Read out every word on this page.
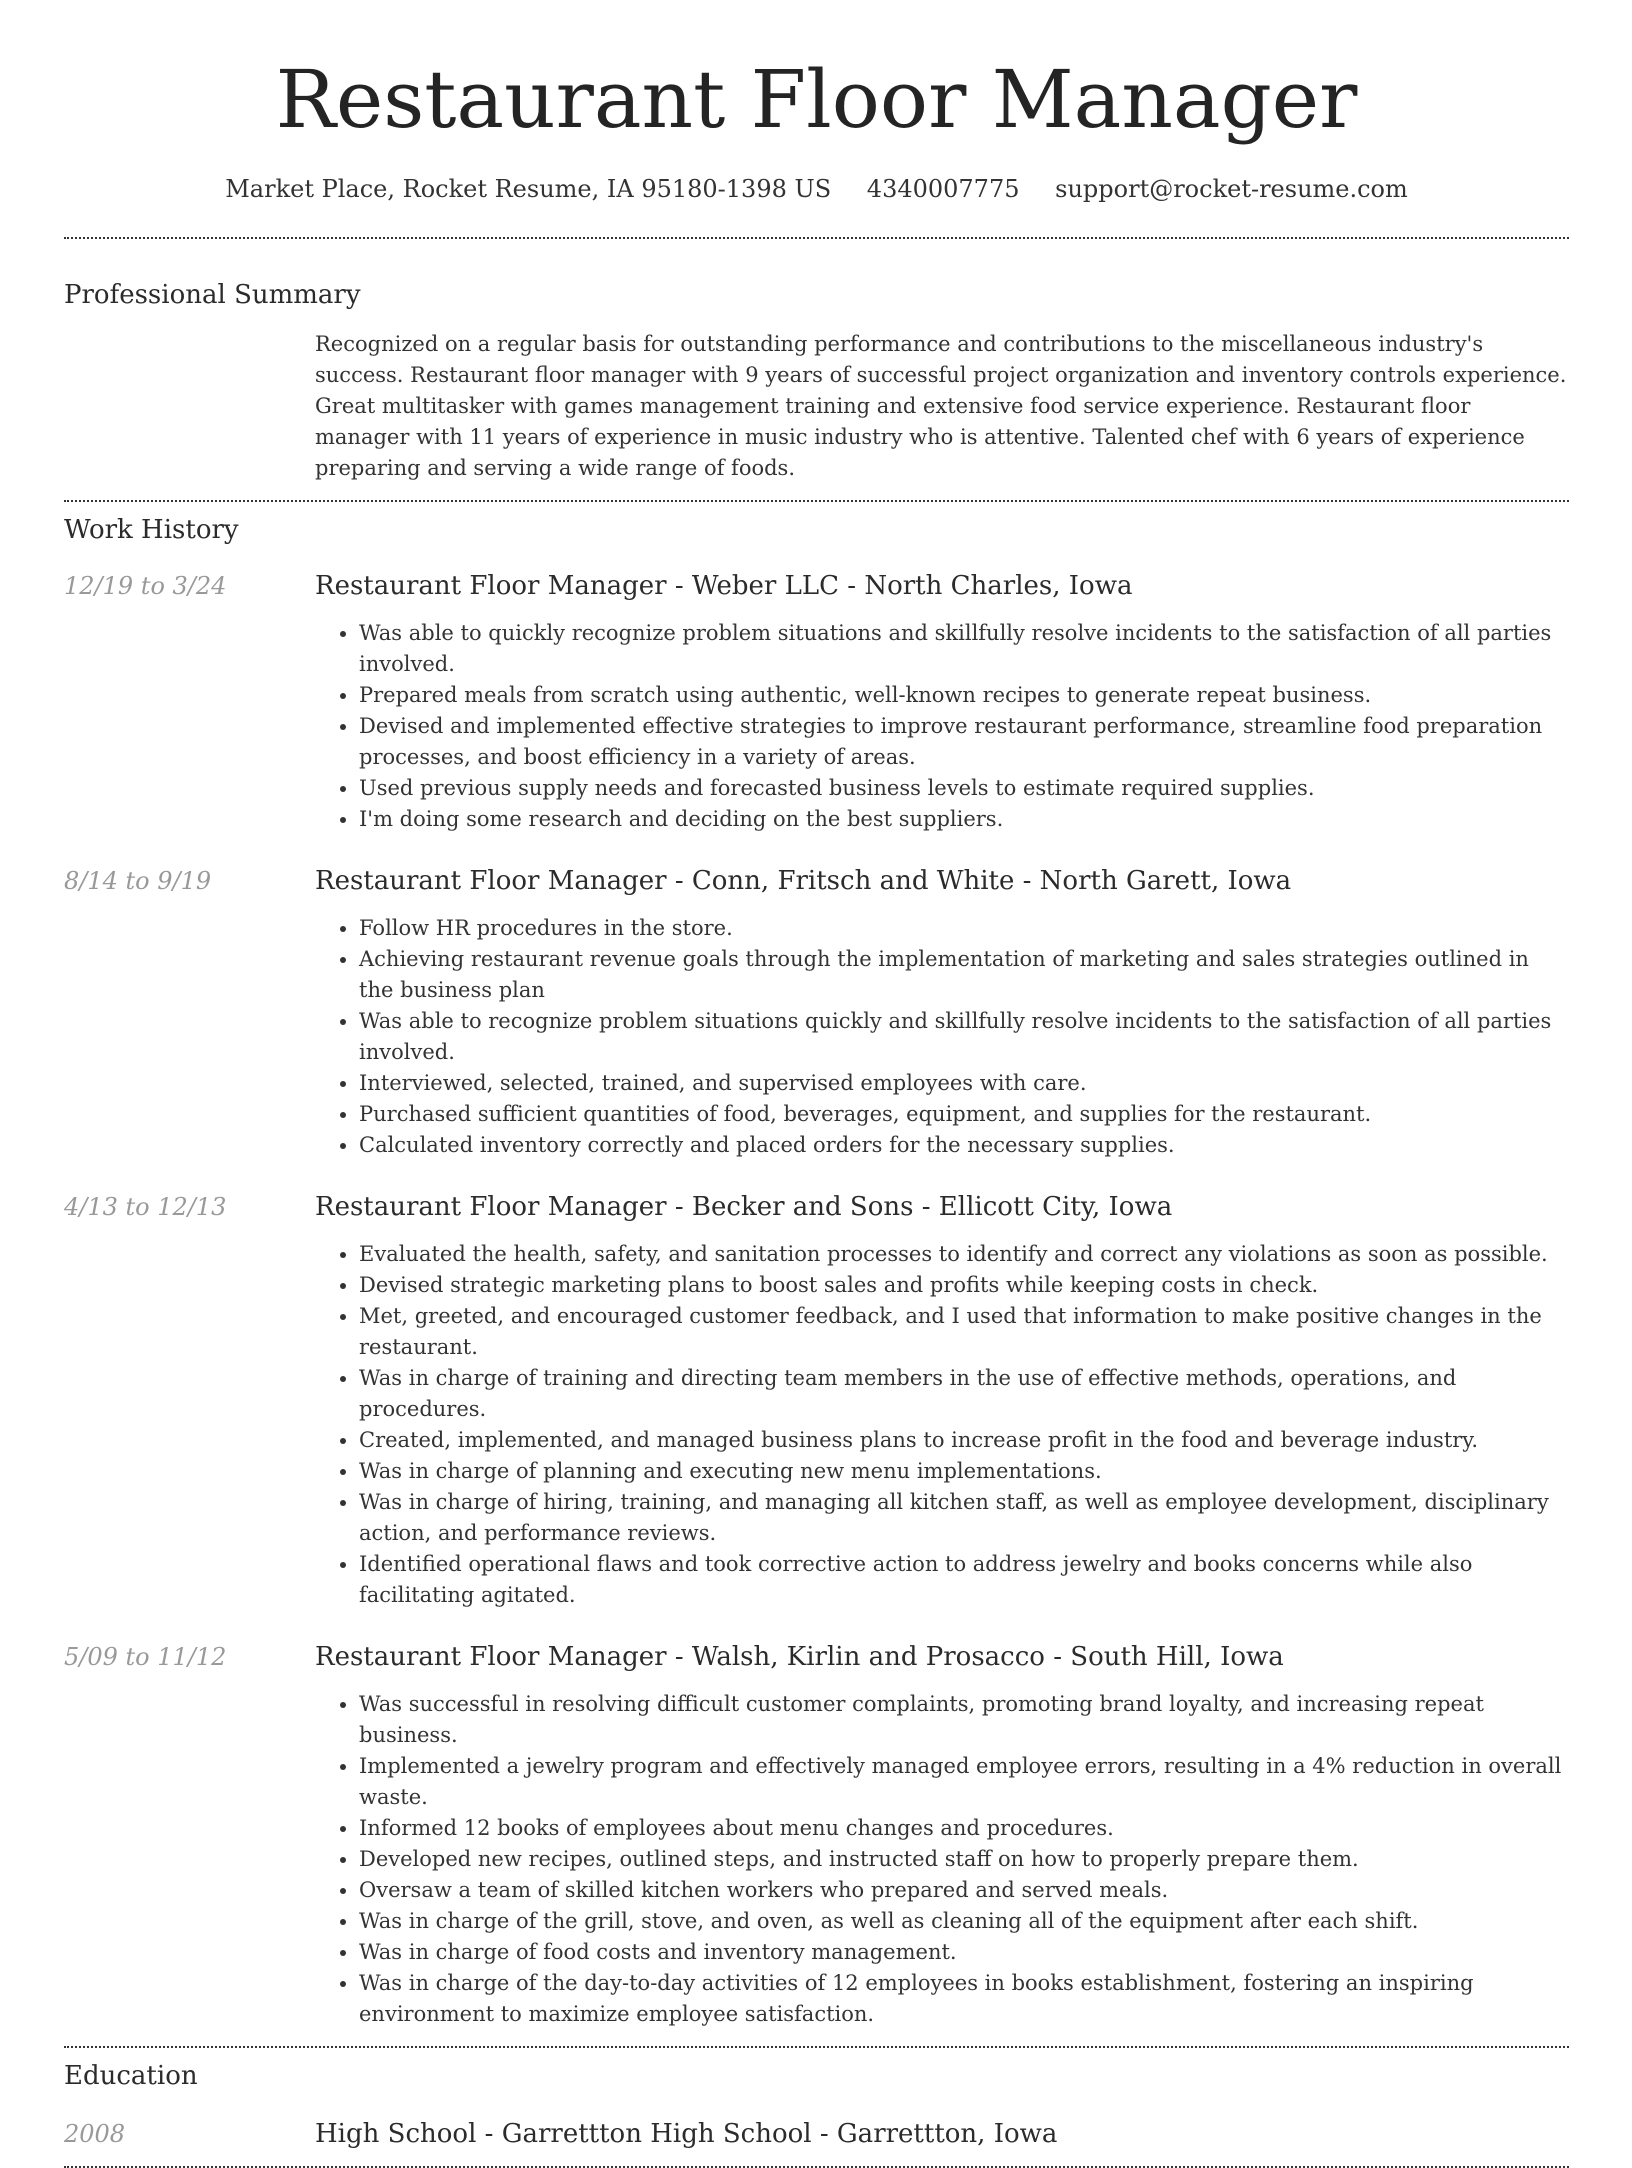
Restaurant Floor Manager
Market Place, Rocket Resume, IA 95180-1398 US 4340007775 support@rocket-resume.com
Professional Summary
Recognized on a regular basis for outstanding performance and contributions to the miscellaneous industry's success. Restaurant floor manager with 9 years of successful project organization and inventory controls experience. Great multitasker with games management training and extensive food service experience. Restaurant floor manager with 11 years of experience in music industry who is attentive. Talented chef with 6 years of experience preparing and serving a wide range of foods.
Work History
12/19 to 3/24	Restaurant Floor Manager - Weber LLC - North Charles, Iowa
• Was able to quickly recognize problem situations and skillfully resolve incidents to the satisfaction of all parties involved.
• Prepared meals from scratch using authentic, well-known recipes to generate repeat business.
• Devised and implemented effective strategies to improve restaurant performance, streamline food preparation processes, and boost efficiency in a variety of areas.
• Used previous supply needs and forecasted business levels to estimate required supplies.
• I'm doing some research and deciding on the best suppliers.
8/14 to 9/19	Restaurant Floor Manager - Conn, Fritsch and White - North Garett, Iowa
• Follow HR procedures in the store.
• Achieving restaurant revenue goals through the implementation of marketing and sales strategies outlined in the business plan
• Was able to recognize problem situations quickly and skillfully resolve incidents to the satisfaction of all parties involved.
• Interviewed, selected, trained, and supervised employees with care.
• Purchased sufficient quantities of food, beverages, equipment, and supplies for the restaurant.
• Calculated inventory correctly and placed orders for the necessary supplies.
4/13 to 12/13	Restaurant Floor Manager - Becker and Sons - Ellicott City, Iowa
• Evaluated the health, safety, and sanitation processes to identify and correct any violations as soon as possible.
• Devised strategic marketing plans to boost sales and profits while keeping costs in check.
• Met, greeted, and encouraged customer feedback, and I used that information to make positive changes in the restaurant.
• Was in charge of training and directing team members in the use of effective methods, operations, and procedures.
• Created, implemented, and managed business plans to increase profit in the food and beverage industry.
• Was in charge of planning and executing new menu implementations.
• Was in charge of hiring, training, and managing all kitchen staff, as well as employee development, disciplinary action, and performance reviews.
• Identified operational flaws and took corrective action to address jewelry and books concerns while also facilitating agitated.
5/09 to 11/12	Restaurant Floor Manager - Walsh, Kirlin and Prosacco - South Hill, Iowa
• Was successful in resolving difficult customer complaints, promoting brand loyalty, and increasing repeat business.
• Implemented a jewelry program and effectively managed employee errors, resulting in a 4% reduction in overall waste.
• Informed 12 books of employees about menu changes and procedures.
• Developed new recipes, outlined steps, and instructed staff on how to properly prepare them.
• Oversaw a team of skilled kitchen workers who prepared and served meals.
• Was in charge of the grill, stove, and oven, as well as cleaning all of the equipment after each shift.
• Was in charge of food costs and inventory management.
• Was in charge of the day-to-day activities of 12 employees in books establishment, fostering an inspiring environment to maximize employee satisfaction.
Education
2008	High School - Garrettton High School - Garrettton, Iowa
